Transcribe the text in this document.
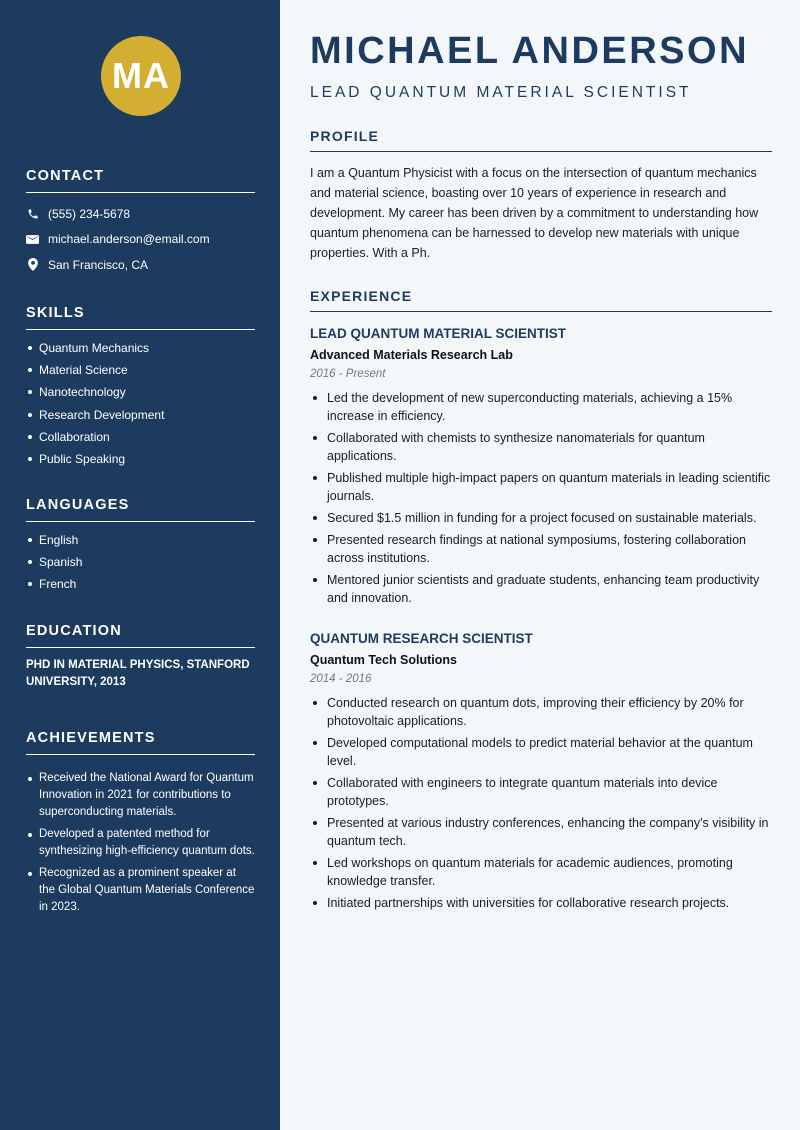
MA
CONTACT
(555) 234-5678
michael.anderson@email.com
San Francisco, CA
SKILLS
Quantum Mechanics
Material Science
Nanotechnology
Research Development
Collaboration
Public Speaking
LANGUAGES
English
Spanish
French
EDUCATION
PHD IN MATERIAL PHYSICS, STANFORD UNIVERSITY, 2013
ACHIEVEMENTS
Received the National Award for Quantum Innovation in 2021 for contributions to superconducting materials.
Developed a patented method for synthesizing high-efficiency quantum dots.
Recognized as a prominent speaker at the Global Quantum Materials Conference in 2023.
MICHAEL ANDERSON
LEAD QUANTUM MATERIAL SCIENTIST
PROFILE
I am a Quantum Physicist with a focus on the intersection of quantum mechanics and material science, boasting over 10 years of experience in research and development. My career has been driven by a commitment to understanding how quantum phenomena can be harnessed to develop new materials with unique properties. With a Ph.
EXPERIENCE
LEAD QUANTUM MATERIAL SCIENTIST
Advanced Materials Research Lab
2016 - Present
Led the development of new superconducting materials, achieving a 15% increase in efficiency.
Collaborated with chemists to synthesize nanomaterials for quantum applications.
Published multiple high-impact papers on quantum materials in leading scientific journals.
Secured $1.5 million in funding for a project focused on sustainable materials.
Presented research findings at national symposiums, fostering collaboration across institutions.
Mentored junior scientists and graduate students, enhancing team productivity and innovation.
QUANTUM RESEARCH SCIENTIST
Quantum Tech Solutions
2014 - 2016
Conducted research on quantum dots, improving their efficiency by 20% for photovoltaic applications.
Developed computational models to predict material behavior at the quantum level.
Collaborated with engineers to integrate quantum materials into device prototypes.
Presented at various industry conferences, enhancing the company's visibility in quantum tech.
Led workshops on quantum materials for academic audiences, promoting knowledge transfer.
Initiated partnerships with universities for collaborative research projects.
